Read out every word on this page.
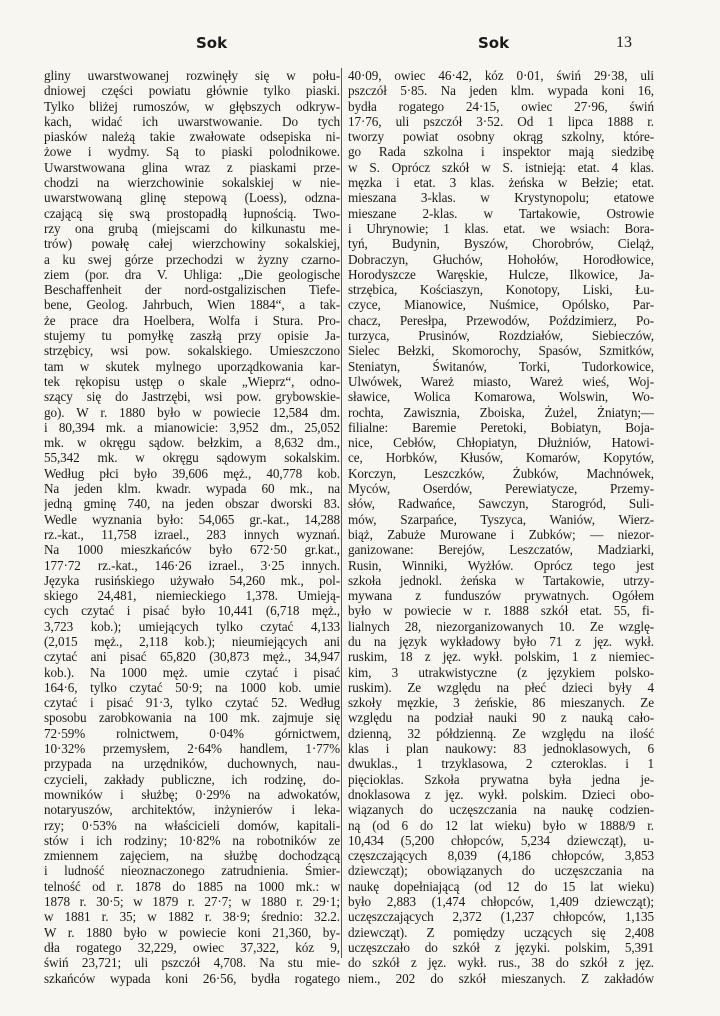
Sok	Sok	13
gliny uwarstwowanej rozwinęły się w połu-
dniowej części powiatu głównie tylko piaski.
Tylko bliżej rumoszów, w głębszych odkryw-
kach, widać ich uwarstwowanie. Do tych
piasków należą takie zwałowate odsepiska ni-
żowe i wydmy. Są to piaski polodnikowe.
Uwarstwowana glina wraz z piaskami prze-
chodzi na wierzchowinie sokalskiej w nie-
uwarstwowaną glinę stepową (Loess), odzna-
czającą się swą prostopadłą łupnością. Two-
rzy ona grubą (miejscami do kilkunastu me-
trów) powałę całej wierzchowiny sokalskiej,
a ku swej górze przechodzi w żyzny czarno-
ziem (por. dra V. Uhliga: „Die geologische
Beschaffenheit der nord-ostgalizischen Tiefe-
bene, Geolog. Jahrbuch, Wien 1884“, a tak-
że prace dra Hoelbera, Wolfa i Stura. Pro-
stujemy tu pomyłkę zaszłą przy opisie Ja-
strzębicy, wsi pow. sokalskiego. Umieszczono
tam w skutek mylnego uporządkowania kar-
tek rękopisu ustęp o skale „Wieprz“, odno-
szący się do Jastrzębi, wsi pow. grybowskie-
go). W r. 1880 było w powiecie 12,584 dm.
i 80,394 mk. a mianowicie: 3,952 dm., 25,052
mk. w okręgu sądow. bełzkim, a 8,632 dm.,
55,342 mk. w okręgu sądowym sokalskim.
Według płci było 39,606 męż., 40,778 kob.
Na jeden klm. kwadr. wypada 60 mk., na
jedną gminę 740, na jeden obszar dworski 83.
Wedle wyznania było: 54,065 gr.-kat., 14,288
rz.-kat., 11,758 izrael., 283 innych wyznań.
Na 1000 mieszkańców było 672·50 gr.kat.,
177·72 rz.-kat., 146·26 izrael., 3·25 innych.
Języka rusińskiego używało 54,260 mk., pol-
skiego 24,481, niemieckiego 1,378. Umieją-
cych czytać i pisać było 10,441 (6,718 męż.,
3,723 kob.); umiejących tylko czytać 4,133
(2,015 męż., 2,118 kob.); nieumiejących ani
czytać ani pisać 65,820 (30,873 męż., 34,947
kob.). Na 1000 męż. umie czytać i pisać
164·6, tylko czytać 50·9; na 1000 kob. umie
czytać i pisać 91·3, tylko czytać 52. Według
sposobu zarobkowania na 100 mk. zajmuje się
72·59% rolnictwem, 0·04% górnictwem,
10·32% przemysłem, 2·64% handlem, 1·77%
przypada na urzędników, duchownych, nau-
czycieli, zakłady publiczne, ich rodzinę, do-
mowników i służbę; 0·29% na adwokatów,
notaryuszów, architektów, inżynierów i leka-
rzy; 0·53% na właścicieli domów, kapitali-
stów i ich rodziny; 10·82% na robotników ze
zmiennem zajęciem, na służbę dochodzącą
i ludność nieoznaczonego zatrudnienia. Śmier-
telność od r. 1878 do 1885 na 1000 mk.: w
1878 r. 30·5; w 1879 r. 27·7; w 1880 r. 29·1;
w 1881 r. 35; w 1882 r. 38·9; średnio: 32.2.
W r. 1880 było w powiecie koni 21,360, by-
dła rogatego 32,229, owiec 37,322, kóz 9,
świń 23,721; uli pszczół 4,708. Na stu mie-
szkańców wypada koni 26·56, bydła rogatego
40·09, owiec 46·42, kóz 0·01, świń 29·38, uli
pszczół 5·85. Na jeden klm. wypada koni 16,
bydła rogatego 24·15, owiec 27·96, świń
17·76, uli pszczół 3·52. Od 1 lipca 1888 r.
tworzy powiat osobny okrąg szkolny, które-
go Rada szkolna i inspektor mają siedzibę
w S. Oprócz szkół w S. istnieją: etat. 4 klas.
męzka i etat. 3 klas. żeńska w Bełzie; etat.
mieszana 3-klas. w Krystynopolu; etatowe
mieszane 2-klas. w Tartakowie, Ostrowie
i Uhrynowie; 1 klas. etat. we wsiach: Bora-
tyń, Budynin, Byszów, Chorobrów, Cieląż,
Dobraczyn, Głuchów, Hohołów, Horodłowice,
Horodyszcze Waręskie, Hulcze, Ilkowice, Ja-
strzębica, Kościaszyn, Konotopy, Liski, Łu-
czyce, Mianowice, Nuśmice, Opólsko, Par-
chacz, Peresłpa, Przewodów, Poździmierz, Po-
turzyca, Prusinów, Rozdziałów, Siebieczów,
Sielec Bełzki, Skomorochy, Spasów, Szmitków,
Steniatyn, Świtanów, Torki, Tudorkowice,
Ulwówek, Wareż miasto, Wareż wieś, Woj-
sławice, Wolica Komarowa, Wolswin, Wo-
rochta, Zawisznia, Zboiska, Żużel, Żniatyn;—
filialne: Baremie Peretoki, Bobiatyn, Boja-
nice, Cebłów, Chłopiatyn, Dłużniów, Hatowi-
ce, Horbków, Kłusów, Komarów, Kopytów,
Korczyn, Leszczków, Żubków, Machnówek,
Myców, Oserdów, Perewiatycze, Przemy-
słów, Radwańce, Sawczyn, Starogród, Suli-
mów, Szarpańce, Tyszyca, Waniów, Wierz-
biąż, Zabuże Murowane i Zubków; — niezor-
ganizowane: Berejów, Leszczatów, Madziarki,
Rusin, Winniki, Wyżłów. Oprócz tego jest
szkoła jednokl. żeńska w Tartakowie, utrzy-
mywana z funduszów prywatnych. Ogółem
było w powiecie w r. 1888 szkół etat. 55, fi-
lialnych 28, niezorganizowanych 10. Ze wzglę-
du na język wykładowy było 71 z jęz. wykł.
ruskim, 18 z jęz. wykł. polskim, 1 z niemiec-
kim, 3 utrakwistyczne (z językiem polsko-
ruskim). Ze względu na płeć dzieci były 4
szkoły męzkie, 3 żeńskie, 86 mieszanych. Ze
względu na podział nauki 90 z nauką cało-
dzienną, 32 półdzienną. Ze względu na ilość
klas i plan naukowy: 83 jednoklasowych, 6
dwuklas., 1 trzyklasowa, 2 czteroklas. i 1
pięcioklas. Szkoła prywatna była jedna je-
dnoklasowa z jęz. wykł. polskim. Dzieci obo-
wiązanych do uczęszczania na naukę codzien-
ną (od 6 do 12 lat wieku) było w 1888/9 r.
10,434 (5,200 chłopców, 5,234 dziewcząt), u-
częszczających 8,039 (4,186 chłopców, 3,853
dziewcząt); obowiązanych do uczęszczania na
naukę dopełniającą (od 12 do 15 lat wieku)
było 2,883 (1,474 chłopców, 1,409 dziewcząt);
uczęszczających 2,372 (1,237 chłopców, 1,135
dziewcząt). Z pomiędzy uczących się 2,408
uczęszczało do szkół z języki. polskim, 5,391
do szkół z jęz. wykł. rus., 38 do szkół z jęz.
niem., 202 do szkół mieszanych. Z zakładów
